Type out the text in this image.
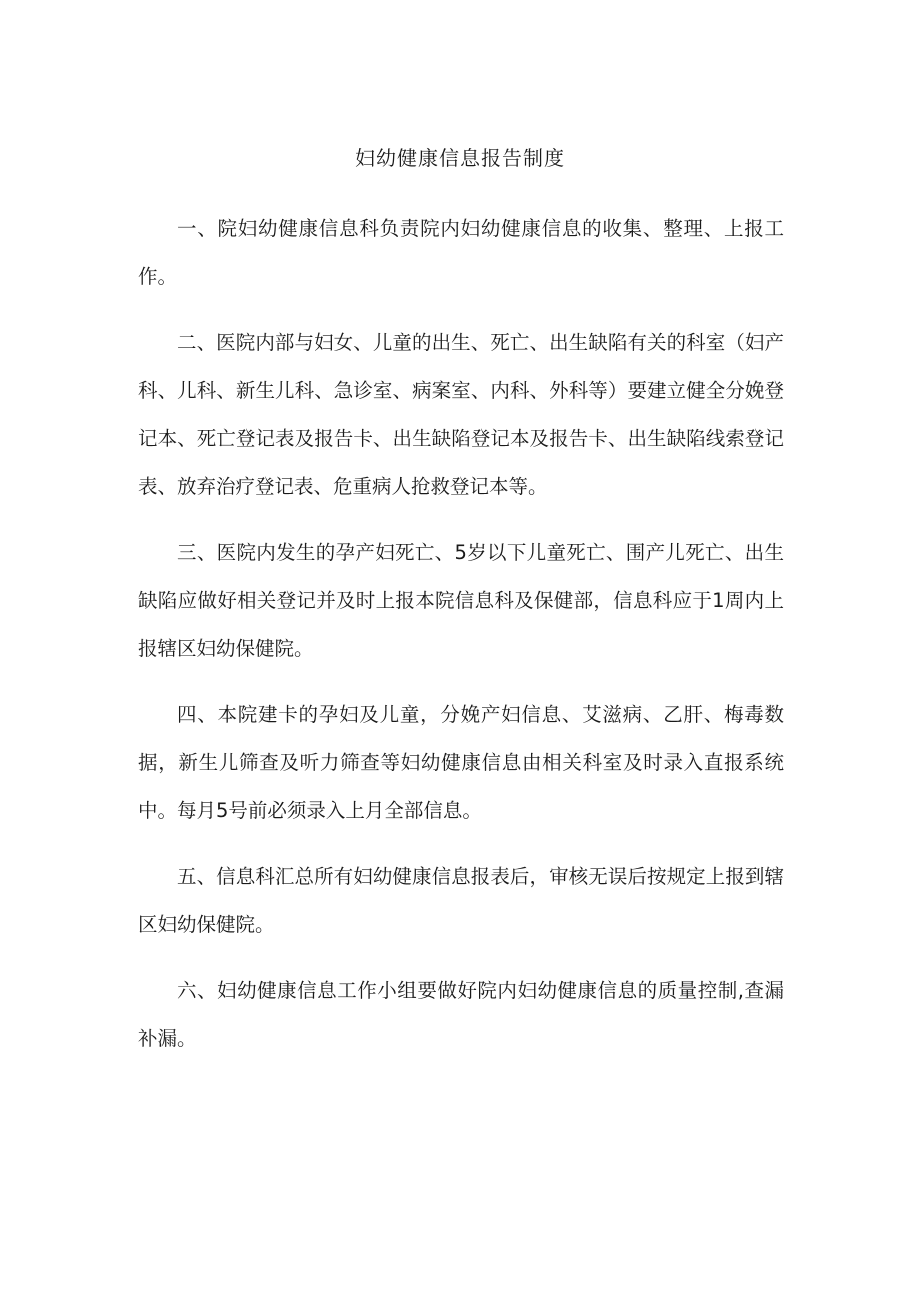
妇幼健康信息报告制度

一、院妇幼健康信息科负责院内妇幼健康信息的收集、整理、上报工作。

二、医院内部与妇女、儿童的出生、死亡、出生缺陷有关的科室（妇产科、儿科、新生儿科、急诊室、病案室、内科、外科等）要建立健全分娩登记本、死亡登记表及报告卡、出生缺陷登记本及报告卡、出生缺陷线索登记表、放弃治疗登记表、危重病人抢救登记本等。

三、医院内发生的孕产妇死亡、5岁以下儿童死亡、围产儿死亡、出生缺陷应做好相关登记并及时上报本院信息科及保健部，信息科应于1周内上报辖区妇幼保健院。

四、本院建卡的孕妇及儿童，分娩产妇信息、艾滋病、乙肝、梅毒数据，新生儿筛查及听力筛查等妇幼健康信息由相关科室及时录入直报系统中。每月5号前必须录入上月全部信息。

五、信息科汇总所有妇幼健康信息报表后，审核无误后按规定上报到辖区妇幼保健院。

六、妇幼健康信息工作小组要做好院内妇幼健康信息的质量控制,查漏补漏。
